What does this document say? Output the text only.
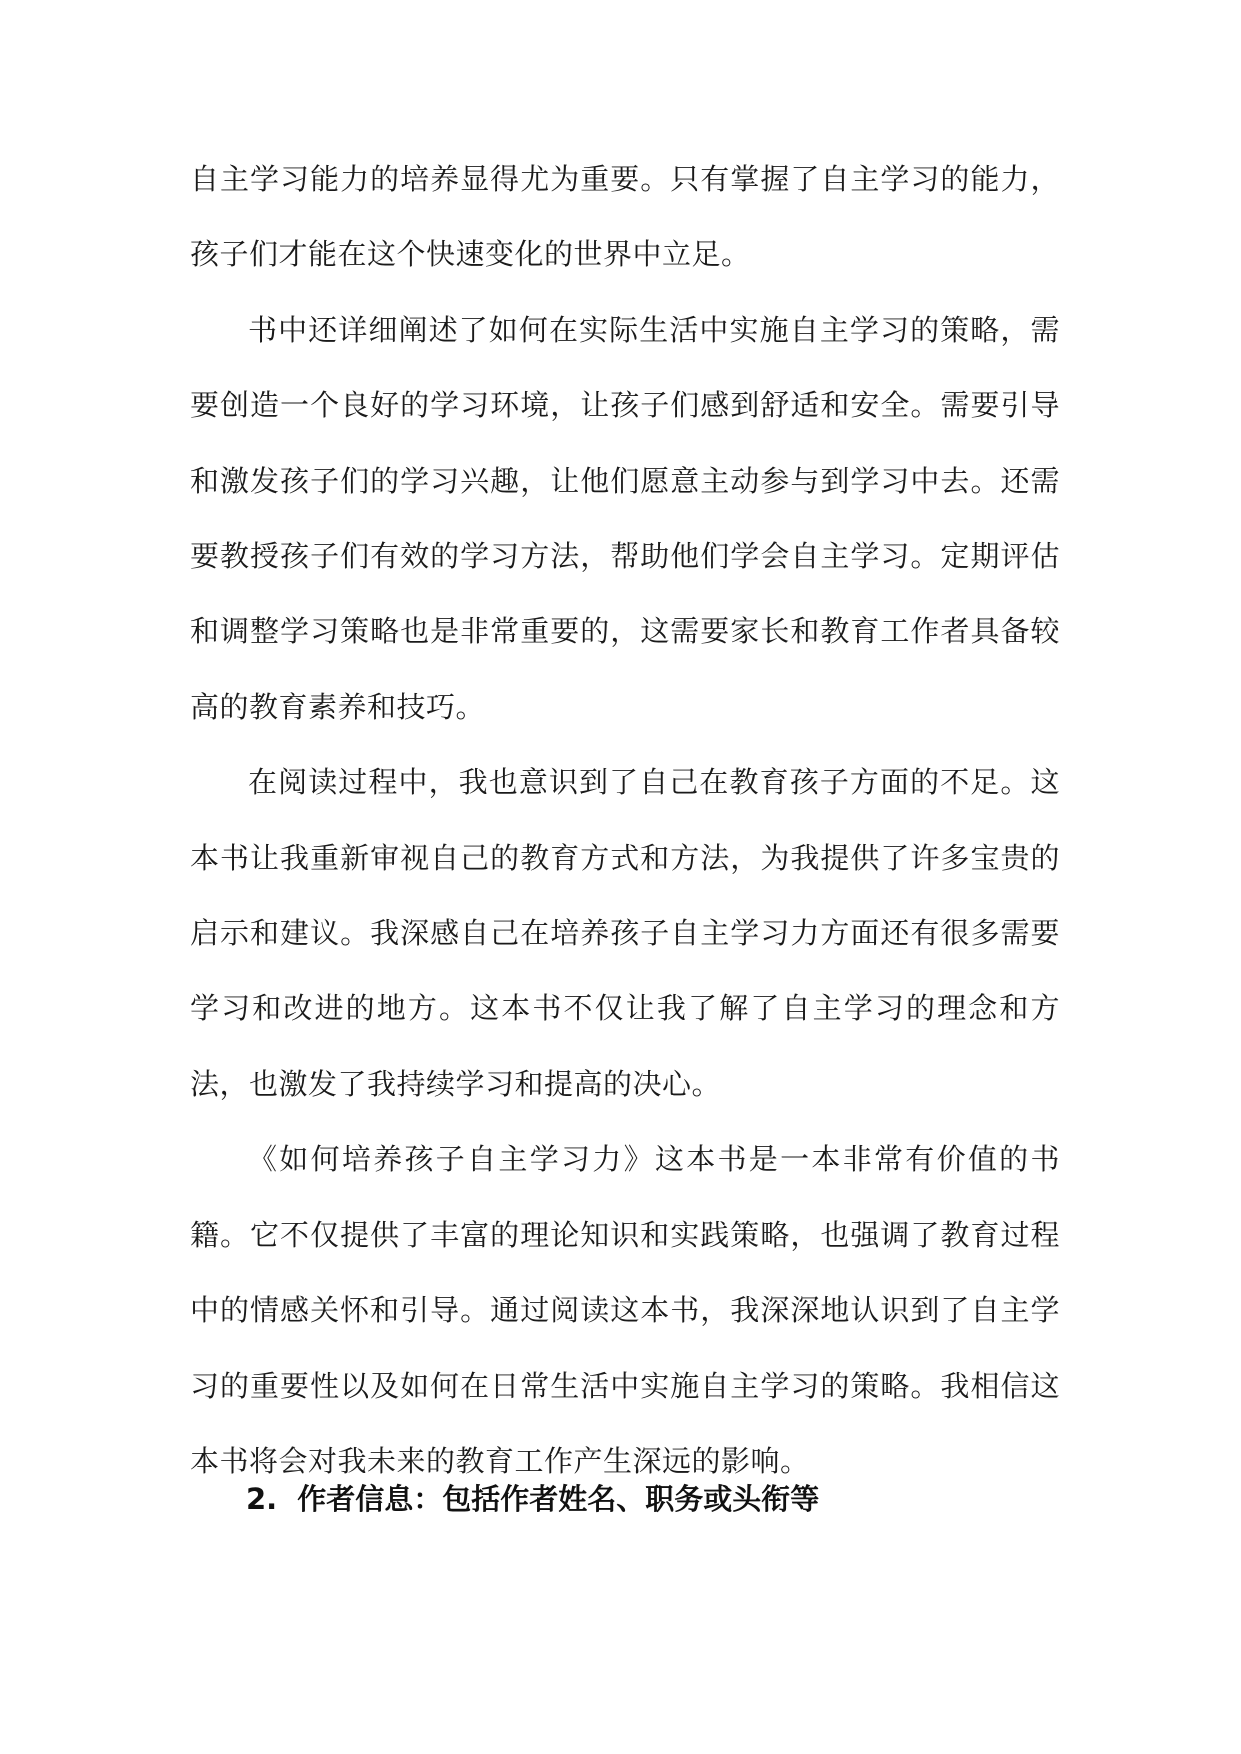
自主学习能力的培养显得尤为重要。只有掌握了自主学习的能力，孩子们才能在这个快速变化的世界中立足。

书中还详细阐述了如何在实际生活中实施自主学习的策略，需要创造一个良好的学习环境，让孩子们感到舒适和安全。需要引导和激发孩子们的学习兴趣，让他们愿意主动参与到学习中去。还需要教授孩子们有效的学习方法，帮助他们学会自主学习。定期评估和调整学习策略也是非常重要的，这需要家长和教育工作者具备较高的教育素养和技巧。

在阅读过程中，我也意识到了自己在教育孩子方面的不足。这本书让我重新审视自己的教育方式和方法，为我提供了许多宝贵的启示和建议。我深感自己在培养孩子自主学习力方面还有很多需要学习和改进的地方。这本书不仅让我了解了自主学习的理念和方法，也激发了我持续学习和提高的决心。

《如何培养孩子自主学习力》这本书是一本非常有价值的书籍。它不仅提供了丰富的理论知识和实践策略，也强调了教育过程中的情感关怀和引导。通过阅读这本书，我深深地认识到了自主学习的重要性以及如何在日常生活中实施自主学习的策略。我相信这本书将会对我未来的教育工作产生深远的影响。

2. 作者信息：包括作者姓名、职务或头衔等
